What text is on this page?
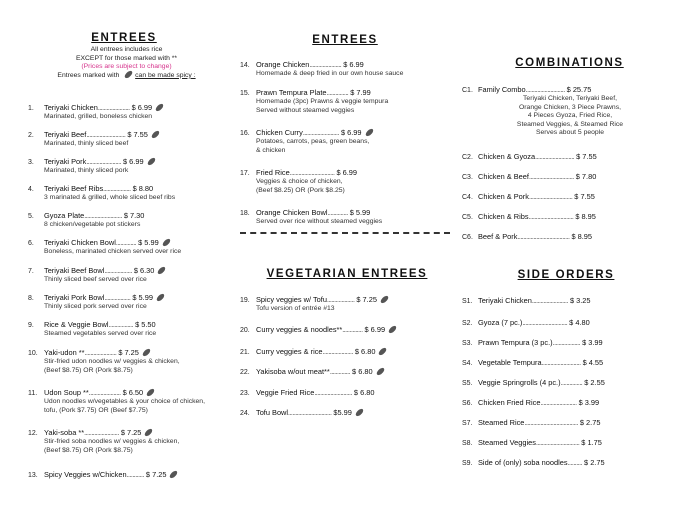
ENTREES
All entrees includes rice
EXCEPT for those marked with **
(Prices are subject to change)
Entrees marked with can be made spicy :
ENTREES
VEGETARIAN ENTREES
COMBINATIONS
SIDE ORDERS
1.	Teriyaki Chicken ...................... $ 6.99
Marinated, grilled, boneless chicken
2.	Teriyaki Beef ........................... $ 7.55
Marinated, thinly sliced beef
3.	Teriyaki Pork ........................ $ 6.99
Marinated, thinly sliced pork
4.	Teriyaki Beef Ribs ................... $ 8.80
3 marinated & grilled, whole sliced beef ribs
5.	Gyoza Plate .......................... $ 7.30
8 chicken/vegetable pot stickers
6.	Teriyaki Chicken Bowl .............. $ 5.99
Boneless, marinated chicken served over rice
7.	Teriyaki Beef Bowl ................... $ 6.30
Thinly sliced beef served over rice
8.	Teriyaki Pork Bowl .................. $ 5.99
Thinly sliced pork served over rice
9.	Rice & Veggie Bowl ................. $ 5.50
Steamed vegetables served over rice
10. Yaki-udon ** ...................... $ 7.25
Stir-fried udon noodles w/ veggies & chicken,
(Beef $8.75) OR (Pork $8.75)
11. Udon Soup ** ...................... $ 6.50
Udon noodles w/vegetables & your choice of chicken,
tofu, (Pork $7.75) OR (Beef $7.75)
12. Yaki-soba ** ........................ $ 7.25
Stir-fried soba noodles w/ veggies & chicken,
(Beef $8.75) OR (Pork $8.75)
13. Spicy Veggies w/Chicken ............ $ 7.25
14. Orange Chicken ...................... $ 6.99
Homemade & deep fried in our own house sauce
15. Prawn Tempura Plate ............... $ 7.99
Homemade (3pc) Prawns & veggie tempura
Served without steamed veggies
16. Chicken Curry ......................... $ 6.99
Potatoes, carrots, peas, green beans,
& chicken
17. Fried Rice ............................... $ 6.99
Veggies & choice of chicken,
(Beef $8.25) OR (Pork $8.25)
18. Orange Chicken Bowl .............. $ 5.99
Served over rice without steamed veggies
19. Spicy veggies w/ Tofu ................... $ 7.25
Tofu version of entrée #13
20. Curry veggies & noodles** .............. $ 6.99
21. Curry veggies & rice ..................... $ 6.80
22. Yakisoba w/out meat** .............. $ 6.80
23. Veggie Fried Rice .......................... $ 6.80
24. Tofu Bowl .............................. $5.99
C1. Family Combo ........................... $ 25.75
Teriyaki Chicken, Teriyaki Beef,
Orange Chicken, 3 Piece Prawns,
4 Pieces Gyoza, Fried Rice,
Steamed Veggies, & Steamed Rice
Serves about 5 people
C2. Chicken & Gyoza ........................... $ 7.55
C3. Chicken & Beef ............................... $ 7.80
C4. Chicken & Pork .............................. $ 7.55
C5. Chicken & Ribs ............................... $ 8.95
C6. Beef & Pork .................................... $ 8.95
S1. Teriyaki Chicken ......................... $ 3.25
S2. Gyoza (7 pc.) ............................... $ 4.80
S3. Prawn Tempura (3 pc.) ................... $ 3.99
S4. Vegetable Tempura ........................... $ 4.55
S5. Veggie Springrolls (4 pc.) ............... $ 2.55
S6. Chicken Fried Rice ......................... $ 3.99
S7. Steamed Rice ..................................... $ 2.75
S8. Steamed Veggies .............................. $ 1.75
S9. Side of (only) soba noodles .......... $ 2.75
